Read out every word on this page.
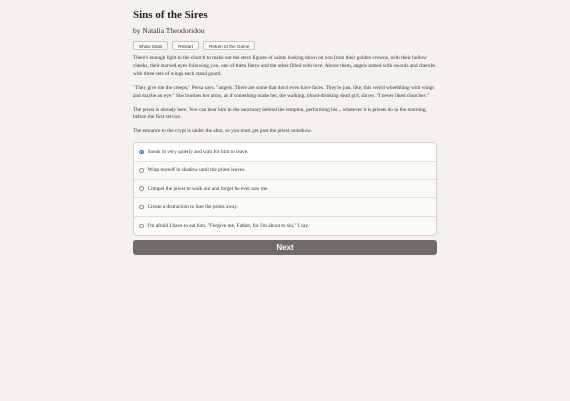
Sins of the Sires

by Natalia Theodoridou

Show Stats	Restart	Return to the Game

There's enough light in the church to make out the stern figures of saints looking down on you from their golden crowns, with their hollow cheeks, their starved eyes following you, one of them fierce and the other filled with love. Above them, angels armed with swords and cherubs with three sets of wings each stand guard.

"They give me the creeps," Persa says. "angels. There are some that don't even have faces. They're just, like, this weird wheelthing with wings and maybe an eye." She brushes her arms, as if something made her, the walking, blood-drinking dead girl, shiver. "I never liked churches."

The priest is already here. You can hear him in the sanctuary behind the templon, performing his... whatever it is priests do in the morning, before the first service.

The entrance to the crypt is under the altar, so you must get past the priest somehow.

Sneak in very quietly and wait for him to leave.
Wrap myself in shadow until the priest leaves.
Compel the priest to walk out and forget he ever saw me.
Create a distraction to lure the priest away.
I'm afraid I have to eat him. "Forgive me, Father, for I'm about to sin," I say.
Next
